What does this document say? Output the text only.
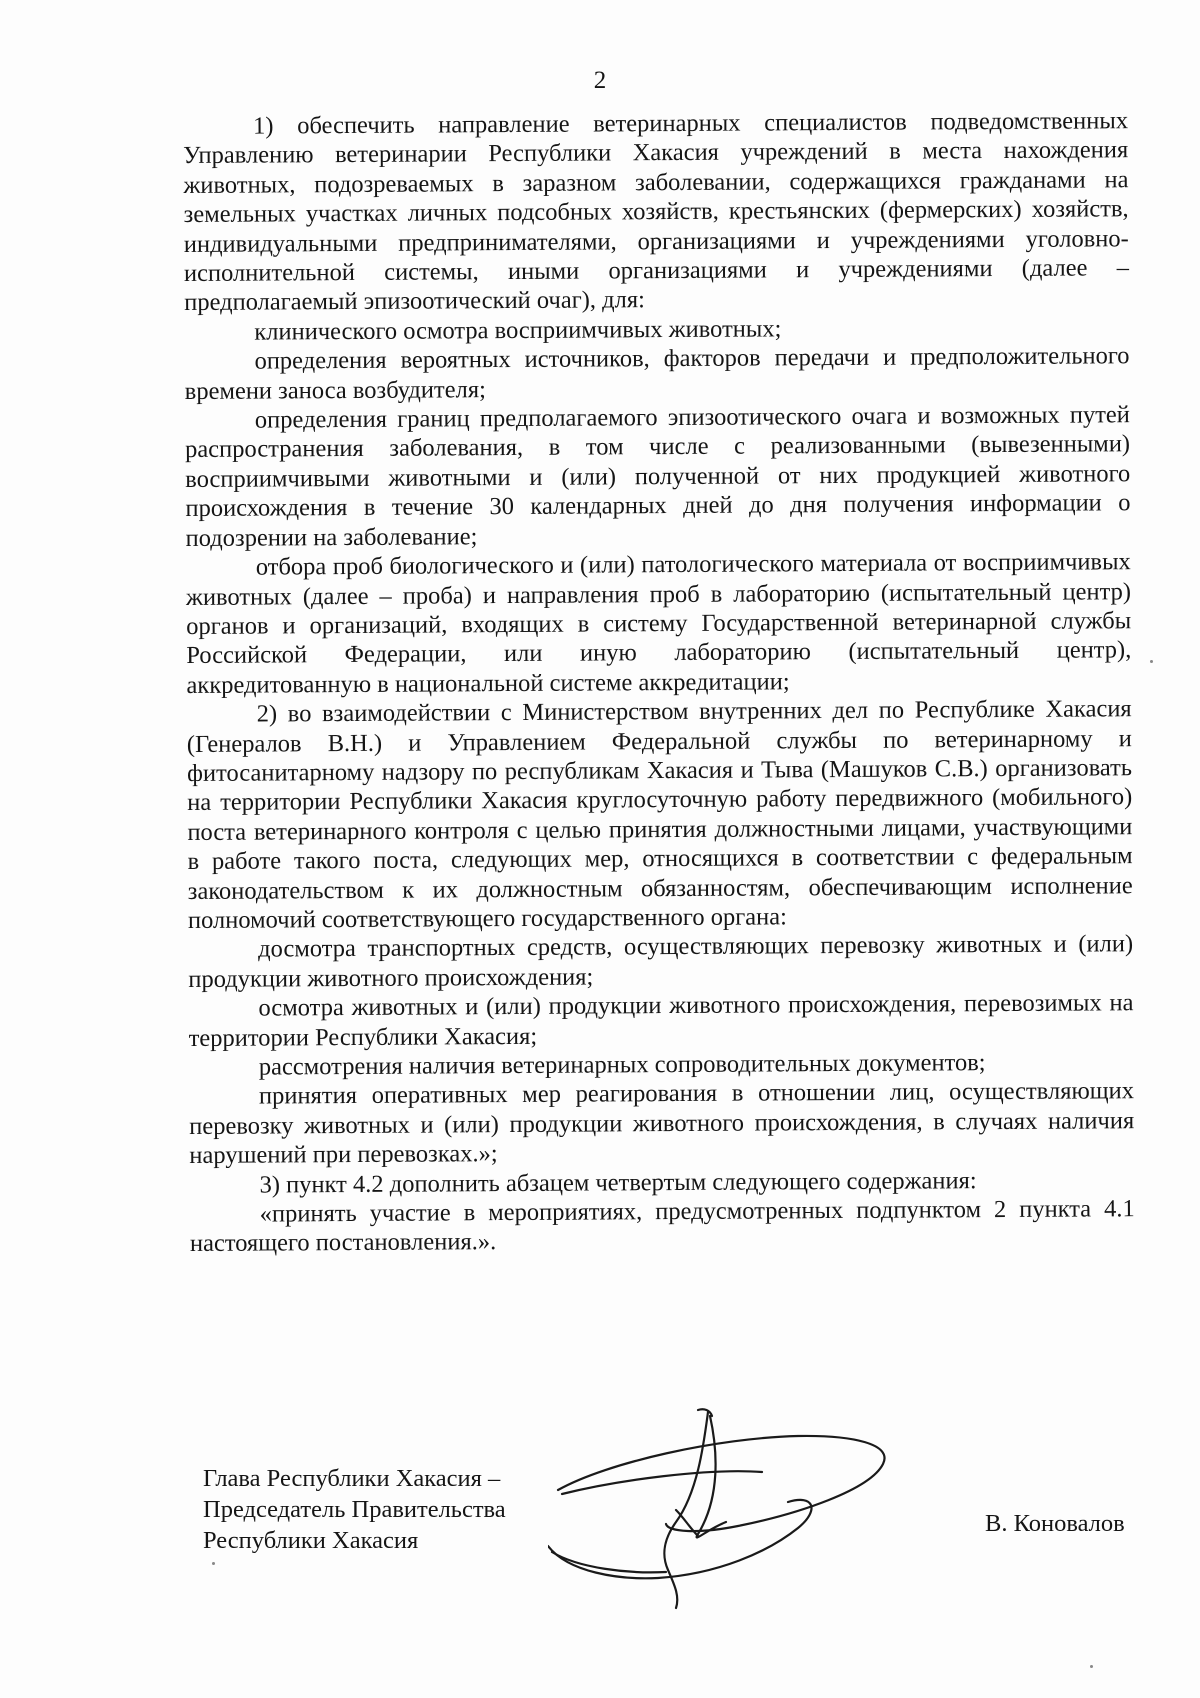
2

1) обеспечить направление ветеринарных специалистов подведомственных Управлению ветеринарии Республики Хакасия учреждений в места нахождения животных, подозреваемых в заразном заболевании, содержащихся гражданами на земельных участках личных подсобных хозяйств, крестьянских (фермерских) хозяйств, индивидуальными предпринимателями, организациями и учреждениями уголовно-исполнительной системы, иными организациями и учреждениями (далее – предполагаемый эпизоотический очаг), для:

клинического осмотра восприимчивых животных;

определения вероятных источников, факторов передачи и предположительного времени заноса возбудителя;

определения границ предполагаемого эпизоотического очага и возможных путей распространения заболевания, в том числе с реализованными (вывезенными) восприимчивыми животными и (или) полученной от них продукцией животного происхождения в течение 30 календарных дней до дня получения информации о подозрении на заболевание;

отбора проб биологического и (или) патологического материала от восприимчивых животных (далее – проба) и направления проб в лабораторию (испытательный центр) органов и организаций, входящих в систему Государственной ветеринарной службы Российской Федерации, или иную лабораторию (испытательный центр), аккредитованную в национальной системе аккредитации;

2) во взаимодействии с Министерством внутренних дел по Республике Хакасия (Генералов В.Н.) и Управлением Федеральной службы по ветеринарному и фитосанитарному надзору по республикам Хакасия и Тыва (Машуков С.В.) организовать на территории Республики Хакасия круглосуточную работу передвижного (мобильного) поста ветеринарного контроля с целью принятия должностными лицами, участвующими в работе такого поста, следующих мер, относящихся в соответствии с федеральным законодательством к их должностным обязанностям, обеспечивающим исполнение полномочий соответствующего государственного органа:

досмотра транспортных средств, осуществляющих перевозку животных и (или) продукции животного происхождения;

осмотра животных и (или) продукции животного происхождения, перевозимых на территории Республики Хакасия;

рассмотрения наличия ветеринарных сопроводительных документов;

принятия оперативных мер реагирования в отношении лиц, осуществляющих перевозку животных и (или) продукции животного происхождения, в случаях наличия нарушений при перевозках.»;

3) пункт 4.2 дополнить абзацем четвертым следующего содержания:

«принять участие в мероприятиях, предусмотренных подпунктом 2 пункта 4.1 настоящего постановления.».

Глава Республики Хакасия –
Председатель Правительства
Республики Хакасия
В. Коновалов
